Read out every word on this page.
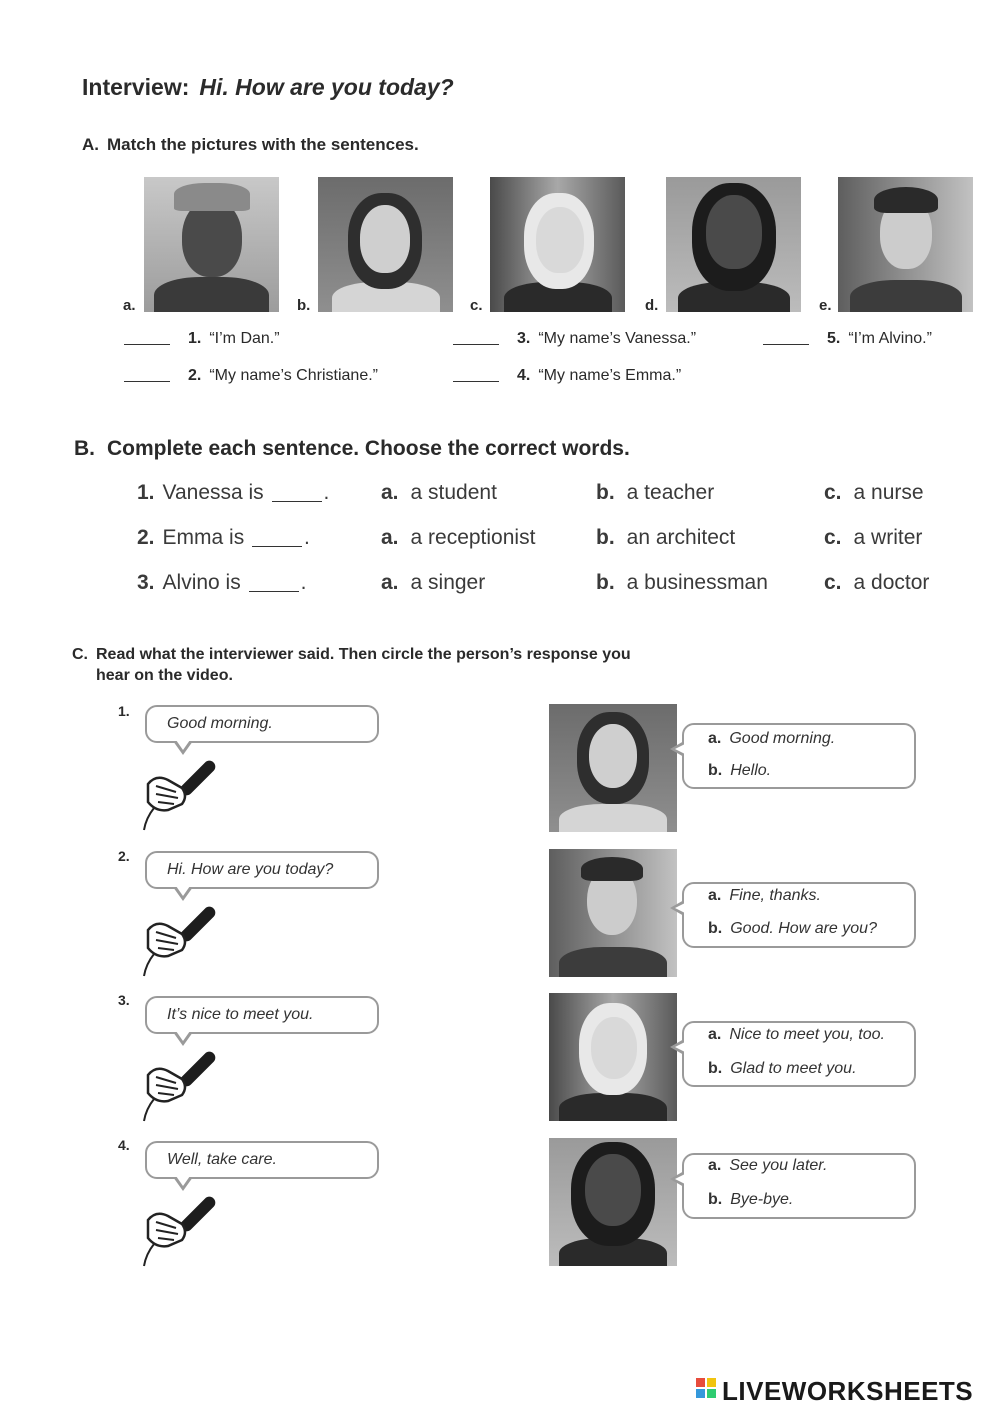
Interview: Hi. How are you today?
A. Match the pictures with the sentences.
a.	b.	c.	d.	e.
1. “I’m Dan.”
2. “My name’s Christiane.”
3. “My name’s Vanessa.”
4. “My name’s Emma.”
5. “I’m Alvino.”
B. Complete each sentence. Choose the correct words.
1. Vanessa is	. a. a student	b. a teacher	c. a nurse
2. Emma is	.	a. a receptionist	b. an architect	c. a writer
3. Alvino is	.	a. a singer	b. a businessman	c. a doctor
C. Read what the interviewer said. Then circle the person’s response you
hear on the video.
1.
Good morning.
a. Good morning.
b. Hello.
2.
Hi. How are you today?
a. Fine, thanks.
b. Good. How are you?
3.
It’s nice to meet you.
a. Nice to meet you, too.
b. Glad to meet you.
4.
Well, take care.	a. See you later.
b. Bye-bye.
LIVEWORKSHEETS
